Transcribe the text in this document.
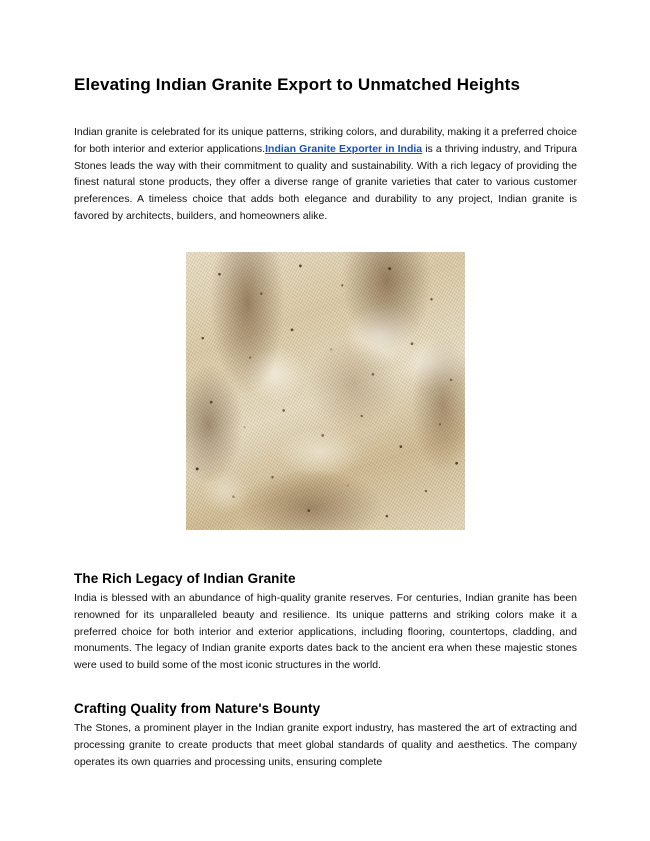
Elevating Indian Granite Export to Unmatched Heights

Indian granite is celebrated for its unique patterns, striking colors, and durability, making it a preferred choice for both interior and exterior applications.Indian Granite Exporter in India is a thriving industry, and Tripura Stones leads the way with their commitment to quality and sustainability. With a rich legacy of providing the finest natural stone products, they offer a diverse range of granite varieties that cater to various customer preferences. A timeless choice that adds both elegance and durability to any project, Indian granite is favored by architects, builders, and homeowners alike.

The Rich Legacy of Indian Granite

India is blessed with an abundance of high-quality granite reserves. For centuries, Indian granite has been renowned for its unparalleled beauty and resilience. Its unique patterns and striking colors make it a preferred choice for both interior and exterior applications, including flooring, countertops, cladding, and monuments. The legacy of Indian granite exports dates back to the ancient era when these majestic stones were used to build some of the most iconic structures in the world.

Crafting Quality from Nature's Bounty

The Stones, a prominent player in the Indian granite export industry, has mastered the art of extracting and processing granite to create products that meet global standards of quality and aesthetics. The company operates its own quarries and processing units, ensuring complete
